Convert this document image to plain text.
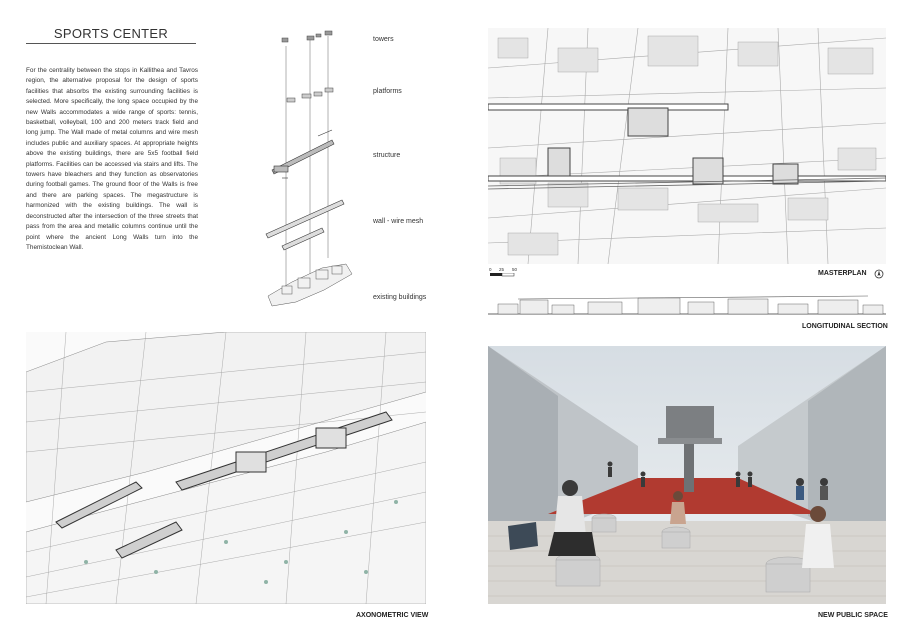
SPORTS CENTER
For the centrality between the stops in Kallithea and Tavros region, the alternative proposal for the design of sports facilities that absorbs the existing surrounding facilities is selected. More specifically, the long space occupied by the new Walls accommodates a wide range of sports: tennis, basketball, volleyball, 100 and 200 meters track field and long jump. The Wall made of metal columns and wire mesh includes public and auxiliary spaces. At appropriate heights above the existing buildings, there are 5x5 football field platforms. Facilities can be accessed via stairs and lifts. The towers have bleachers and they function as observatories during football games. The ground floor of the Walls is free and there are parking spaces. The megastructure is harmonized with the existing buildings. The wall is deconstructed after the intersection of the three streets that pass from the area and metallic columns continue until the point where the ancient Long Walls turn into the Themistoclean Wall.
towers
platforms
structure
wall - wire mesh
existing buildings
0 25 50
MASTERPLAN
LONGITUDINAL SECTION
AXONOMETRIC VIEW	NEW PUBLIC SPACE
